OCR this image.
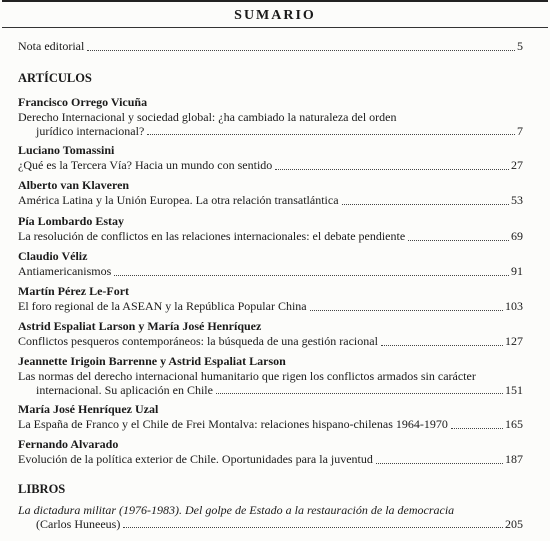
SUMARIO
Nota editorial	5
ARTÍCULOS
Francisco Orrego Vicuña
Derecho Internacional y sociedad global: ¿ha cambiado la naturaleza del orden
jurídico internacional?	7
Luciano Tomassini
¿Qué es la Tercera Vía? Hacia un mundo con sentido	27
Alberto van Klaveren
América Latina y la Unión Europea. La otra relación transatlántica	53
Pía Lombardo Estay
La resolución de conflictos en las relaciones internacionales: el debate pendiente	69
Claudio Véliz
Antiamericanismos	91
Martín Pérez Le-Fort
El foro regional de la ASEAN y la República Popular China	103
Astrid Espaliat Larson y María José Henríquez
Conflictos pesqueros contemporáneos: la búsqueda de una gestión racional	127
Jeannette Irigoin Barrenne y Astrid Espaliat Larson
Las normas del derecho internacional humanitario que rigen los conflictos armados sin carácter
internacional. Su aplicación en Chile	151
María José Henríquez Uzal
La España de Franco y el Chile de Frei Montalva: relaciones hispano-chilenas 1964-1970	165
Fernando Alvarado
Evolución de la política exterior de Chile. Oportunidades para la juventud	187
LIBROS
La dictadura militar (1976-1983). Del golpe de Estado a la restauración de la democracia
(Carlos Huneeus)	205
